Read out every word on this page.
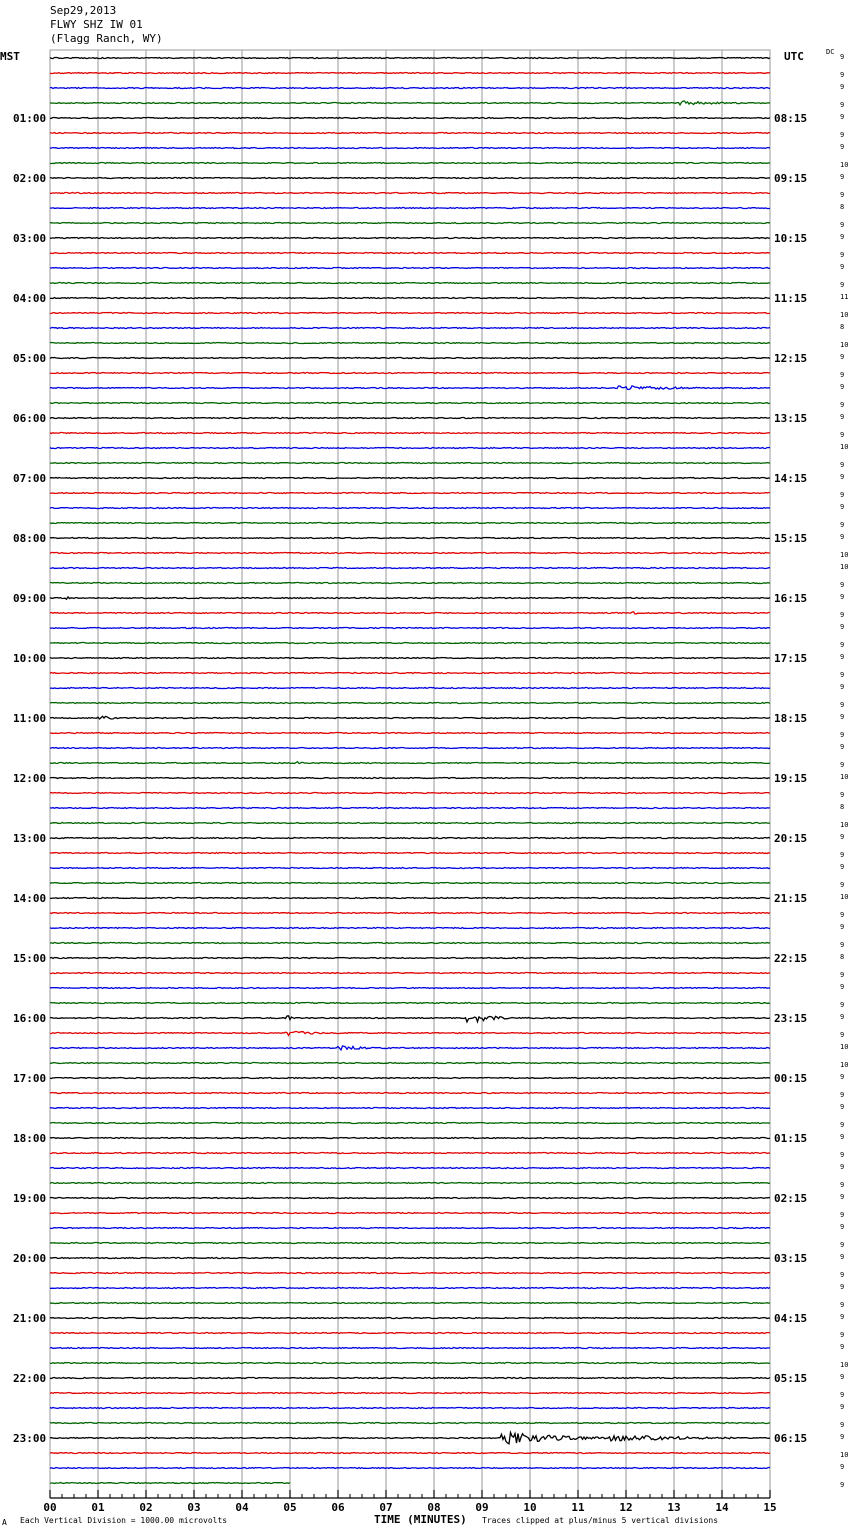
Sep29,2013
FLWY SHZ IW 01
(Flagg Ranch, WY)
MST	UTC	DC
9
9
9
9
9
9
9
10
9
9
8
9
9
9
9
9
11
10
8
10
9
9
9
9
9
9
10
9
9
9
9
9
9
10
10
9
9
9
9
9
9
9
9
9
9
9
9
9
10
9
8
10
9
9
9
9
10
9
9
9
8
9
9
9
9
9
10
10
9
9
9
9
9
9
9
9
9
9
9
9
9
9
9
9
9
9
9
10
9
9
9
9
9
10
9
9
01:00
02:00
03:00
04:00
05:00
06:00
07:00
08:00
09:00
10:00
11:00
12:00
13:00
14:00
15:00
16:00
17:00
18:00
19:00
20:00
21:00
22:00
23:00
08:15
09:15
10:15
11:15
12:15
13:15
14:15
15:15
16:15
17:15
18:15
19:15
20:15
21:15
22:15
23:15
00:15
01:15
02:15
03:15
04:15
05:15
06:15
00	01	02	03	04	05	06	07	08	09	10	11	12	13	14	15
A Each Vertical Division = 1000.00 microvolts	TIME (MINUTES) Traces clipped at plus/minus 5 vertical divisions
